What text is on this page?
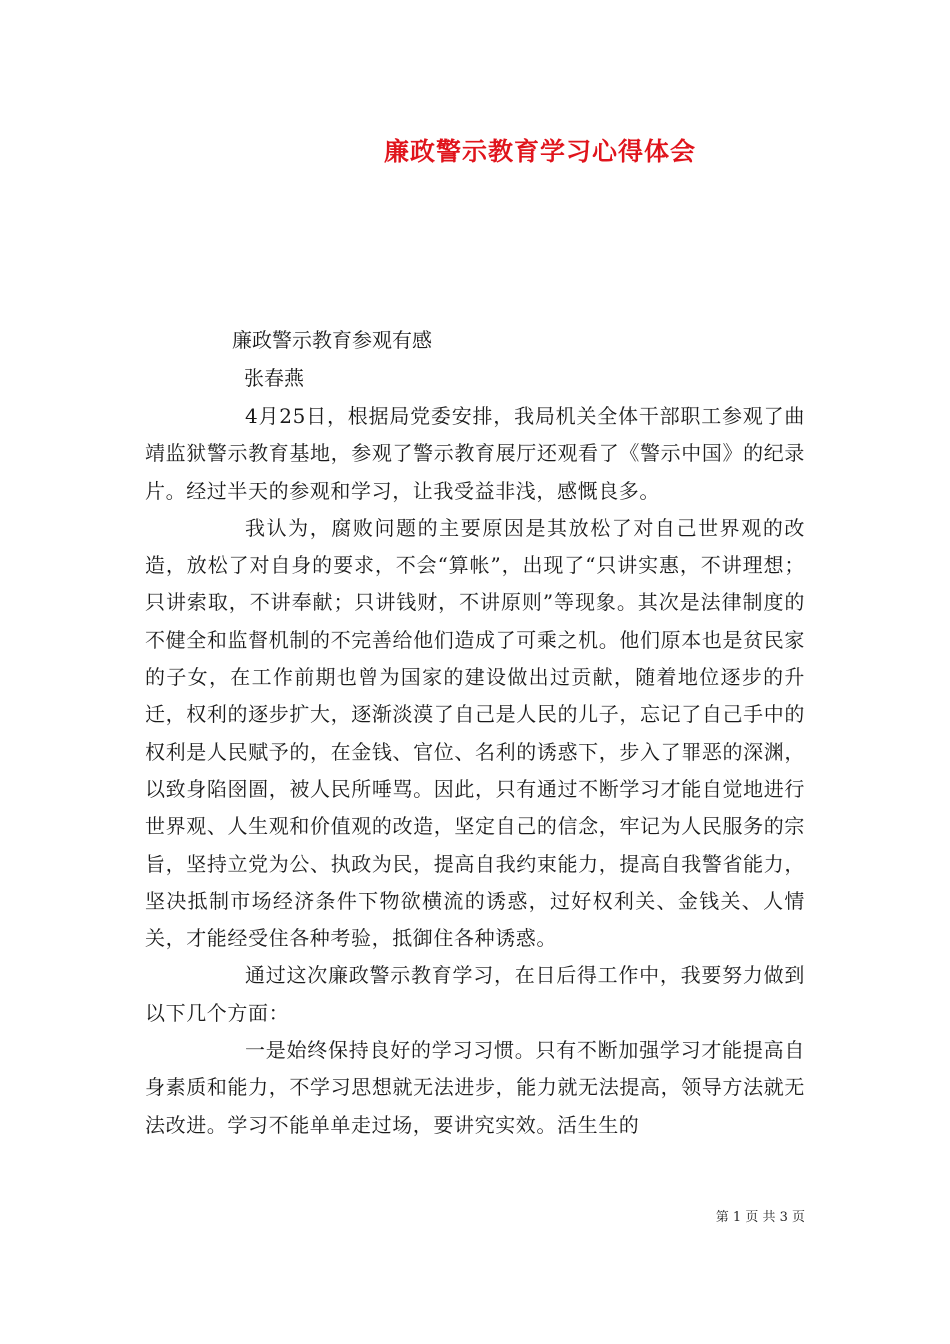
廉政警示教育学习心得体会
廉政警示教育参观有感
张春燕

4月25日，根据局党委安排，我局机关全体干部职工参观了曲靖监狱警示教育基地，参观了警示教育展厅还观看了《警示中国》的纪录片。经过半天的参观和学习，让我受益非浅，感慨良多。

我认为，腐败问题的主要原因是其放松了对自己世界观的改造，放松了对自身的要求，不会“算帐”，出现了“只讲实惠，不讲理想；只讲索取，不讲奉献；只讲钱财，不讲原则”等现象。其次是法律制度的不健全和监督机制的不完善给他们造成了可乘之机。他们原本也是贫民家的子女，在工作前期也曾为国家的建设做出过贡献，随着地位逐步的升迁，权利的逐步扩大，逐渐淡漠了自己是人民的儿子，忘记了自己手中的权利是人民赋予的，在金钱、官位、名利的诱惑下，步入了罪恶的深渊，以致身陷囹圄，被人民所唾骂。因此，只有通过不断学习才能自觉地进行世界观、人生观和价值观的改造，坚定自己的信念，牢记为人民服务的宗旨，坚持立党为公、执政为民，提高自我约束能力，提高自我警省能力，坚决抵制市场经济条件下物欲横流的诱惑，过好权利关、金钱关、人情关，才能经受住各种考验，抵御住各种诱惑。

通过这次廉政警示教育学习，在日后得工作中，我要努力做到以下几个方面：

一是始终保持良好的学习习惯。只有不断加强学习才能提高自身素质和能力，不学习思想就无法进步，能力就无法提高，领导方法就无法改进。学习不能单单走过场，要讲究实效。活生生的

第 1 页 共 3 页
